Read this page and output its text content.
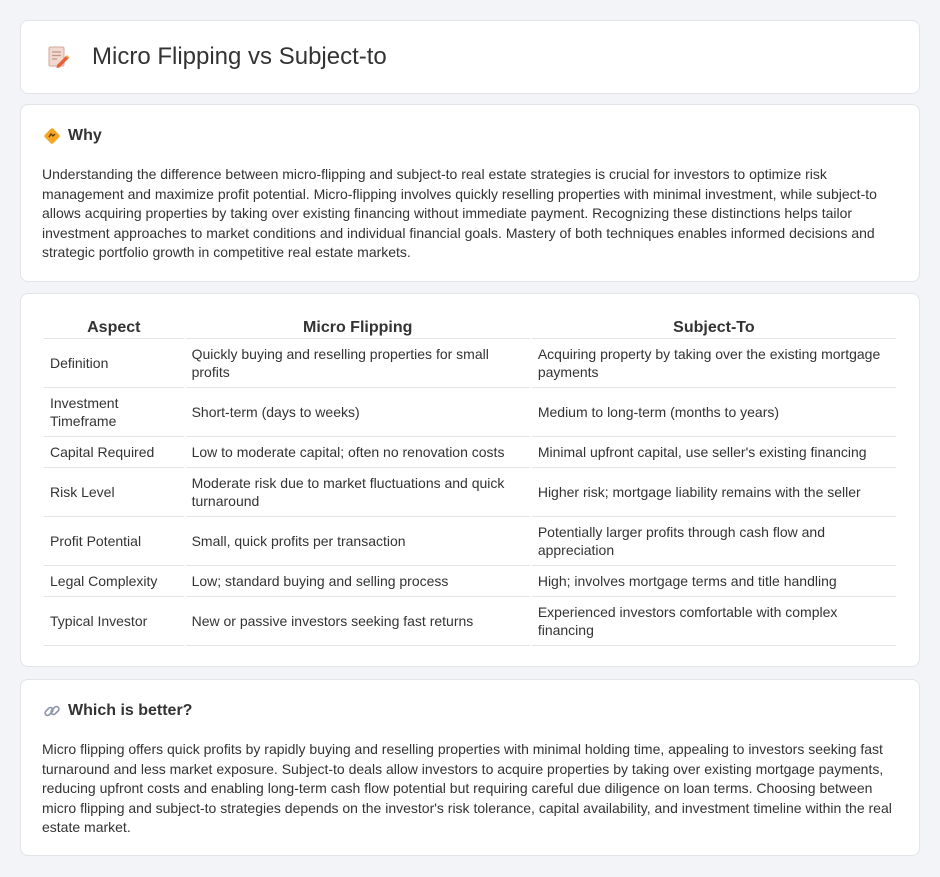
Micro Flipping vs Subject-to
Why

Understanding the difference between micro-flipping and subject-to real estate strategies is crucial for investors to optimize risk management and maximize profit potential. Micro-flipping involves quickly reselling properties with minimal investment, while subject-to allows acquiring properties by taking over existing financing without immediate payment. Recognizing these distinctions helps tailor investment approaches to market conditions and individual financial goals. Mastery of both techniques enables informed decisions and strategic portfolio growth in competitive real estate markets.

Aspect	Micro Flipping	Subject-To
Definition	Quickly buying and reselling properties for small profits	Acquiring property by taking over the existing mortgage payments
Investment Timeframe	Short-term (days to weeks)	Medium to long-term (months to years)
Capital Required	Low to moderate capital; often no renovation costs	Minimal upfront capital, use seller's existing financing
Risk Level	Moderate risk due to market fluctuations and quick turnaround	Higher risk; mortgage liability remains with the seller
Profit Potential	Small, quick profits per transaction	Potentially larger profits through cash flow and appreciation
Legal Complexity	Low; standard buying and selling process	High; involves mortgage terms and title handling
Typical Investor	New or passive investors seeking fast returns	Experienced investors comfortable with complex financing
Which is better?

Micro flipping offers quick profits by rapidly buying and reselling properties with minimal holding time, appealing to investors seeking fast turnaround and less market exposure. Subject-to deals allow investors to acquire properties by taking over existing mortgage payments, reducing upfront costs and enabling long-term cash flow potential but requiring careful due diligence on loan terms. Choosing between micro flipping and subject-to strategies depends on the investor's risk tolerance, capital availability, and investment timeline within the real estate market.
